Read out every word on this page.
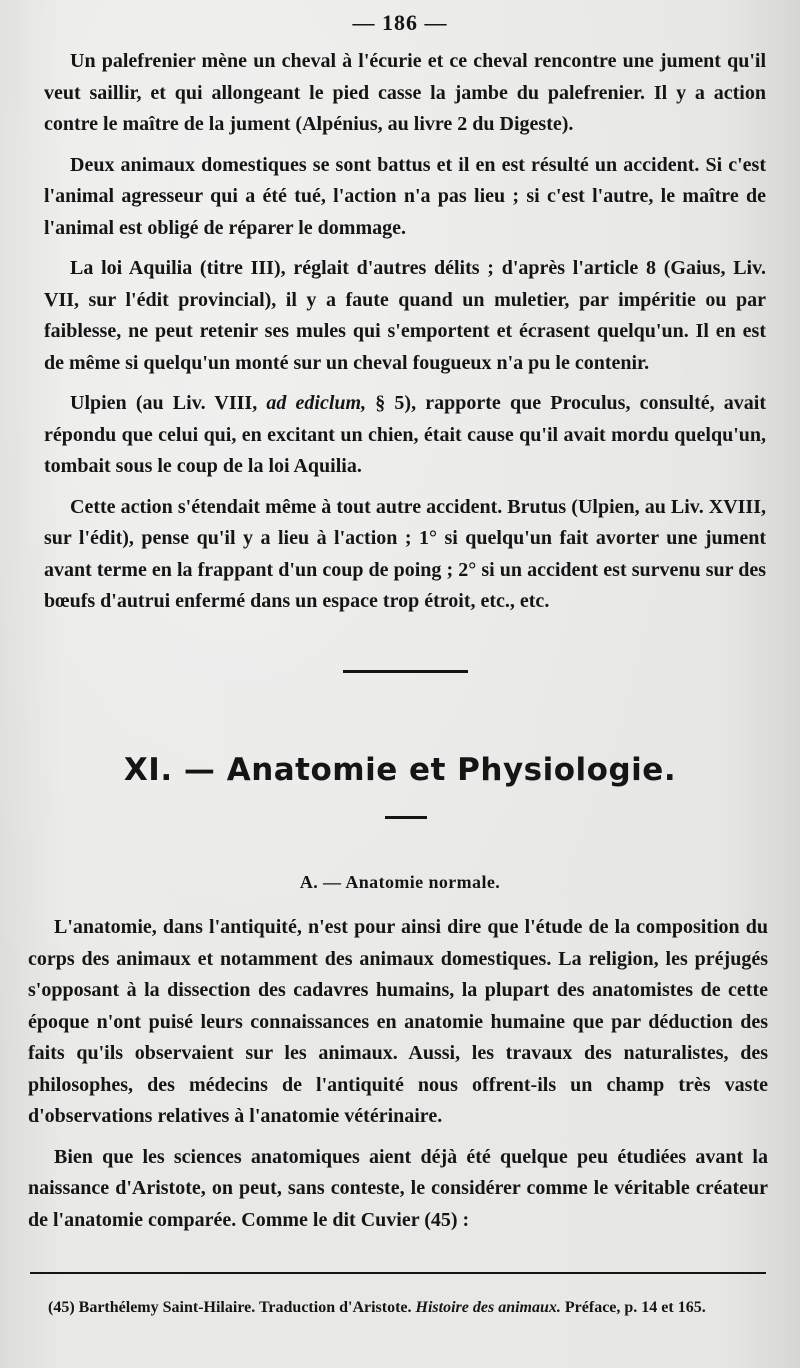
— 186 —

Un palefrenier mène un cheval à l'écurie et ce cheval rencontre une jument qu'il veut saillir, et qui allongeant le pied casse la jambe du palefrenier. Il y a action contre le maître de la jument (Alpénius, au livre 2 du Digeste).

Deux animaux domestiques se sont battus et il en est résulté un accident. Si c'est l'animal agresseur qui a été tué, l'action n'a pas lieu ; si c'est l'autre, le maître de l'animal est obligé de réparer le dommage.

La loi Aquilia (titre III), réglait d'autres délits ; d'après l'article 8 (Gaius, Liv. VII, sur l'édit provincial), il y a faute quand un muletier, par impéritie ou par faiblesse, ne peut retenir ses mules qui s'emportent et écrasent quelqu'un. Il en est de même si quelqu'un monté sur un cheval fougueux n'a pu le contenir.

Ulpien (au Liv. VIII, ad ediclum, § 5), rapporte que Proculus, consulté, avait répondu que celui qui, en excitant un chien, était cause qu'il avait mordu quelqu'un, tombait sous le coup de la loi Aquilia.

Cette action s'étendait même à tout autre accident. Brutus (Ulpien, au Liv. XVIII, sur l'édit), pense qu'il y a lieu à l'action ; 1° si quelqu'un fait avorter une jument avant terme en la frappant d'un coup de poing ; 2° si un accident est survenu sur des bœufs d'autrui enfermé dans un espace trop étroit, etc., etc.

XI. — Anatomie et Physiologie.
A. — Anatomie normale.

L'anatomie, dans l'antiquité, n'est pour ainsi dire que l'étude de la composition du corps des animaux et notamment des animaux domestiques. La religion, les préjugés s'opposant à la dissection des cadavres humains, la plupart des anatomistes de cette époque n'ont puisé leurs connaissances en anatomie humaine que par déduction des faits qu'ils observaient sur les animaux. Aussi, les travaux des naturalistes, des philosophes, des médecins de l'antiquité nous offrent-ils un champ très vaste d'observations relatives à l'anatomie vétérinaire.

Bien que les sciences anatomiques aient déjà été quelque peu étudiées avant la naissance d'Aristote, on peut, sans conteste, le considérer comme le véritable créateur de l'anatomie comparée. Comme le dit Cuvier (45) :

(45) Barthélemy Saint-Hilaire. Traduction d'Aristote. Histoire des animaux. Préface, p. 14 et 165.
